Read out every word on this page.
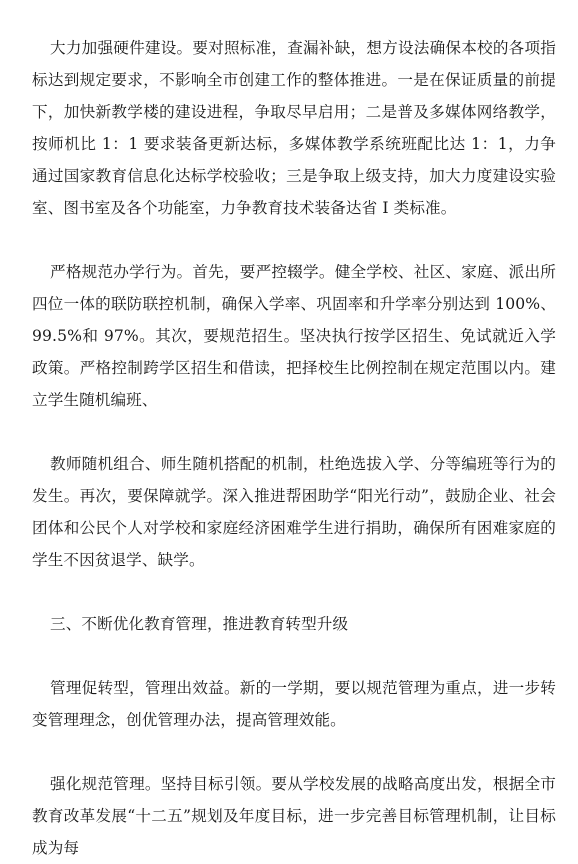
大力加强硬件建设。要对照标准，查漏补缺，想方设法确保本校的各项指标达到规定要求，不影响全市创建工作的整体推进。一是在保证质量的前提下，加快新教学楼的建设进程，争取尽早启用；二是普及多媒体网络教学，按师机比 1：1 要求装备更新达标，多媒体教学系统班配比达 1：1，力争通过国家教育信息化达标学校验收；三是争取上级支持，加大力度建设实验室、图书室及各个功能室，力争教育技术装备达省 I 类标准。

严格规范办学行为。首先，要严控辍学。健全学校、社区、家庭、派出所四位一体的联防联控机制，确保入学率、巩固率和升学率分别达到 100%、99.5%和 97%。其次，要规范招生。坚决执行按学区招生、免试就近入学政策。严格控制跨学区招生和借读，把择校生比例控制在规定范围以内。建立学生随机编班、

教师随机组合、师生随机搭配的机制，杜绝选拔入学、分等编班等行为的发生。再次，要保障就学。深入推进帮困助学“阳光行动”，鼓励企业、社会团体和公民个人对学校和家庭经济困难学生进行捐助，确保所有困难家庭的学生不因贫退学、缺学。

三、不断优化教育管理，推进教育转型升级

管理促转型，管理出效益。新的一学期，要以规范管理为重点，进一步转变管理理念，创优管理办法，提高管理效能。

强化规范管理。坚持目标引领。要从学校发展的战略高度出发，根据全市教育改革发展“十二五”规划及年度目标，进一步完善目标管理机制，让目标成为每
